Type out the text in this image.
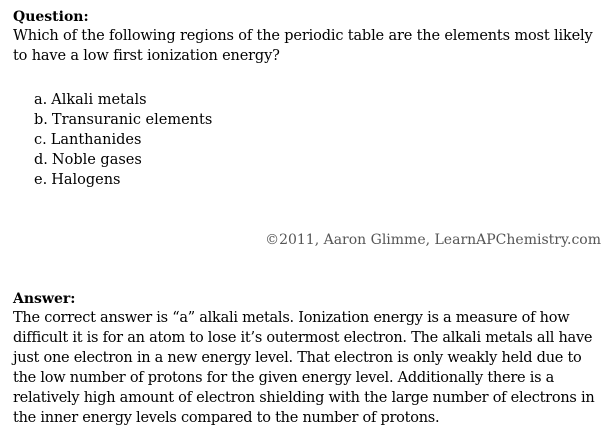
Question:

Which of the following regions of the periodic table are the elements most likely to have a low first ionization energy?

a. Alkali metals
b. Transuranic elements
c. Lanthanides
d. Noble gases
e. Halogens
©2011, Aaron Glimme, LearnAPChemistry.com

Answer:

The correct answer is “a” alkali metals. Ionization energy is a measure of how difficult it is for an atom to lose it’s outermost electron. The alkali metals all have just one electron in a new energy level. That electron is only weakly held due to the low number of protons for the given energy level. Additionally there is a relatively high amount of electron shielding with the large number of electrons in the inner energy levels compared to the number of protons.
